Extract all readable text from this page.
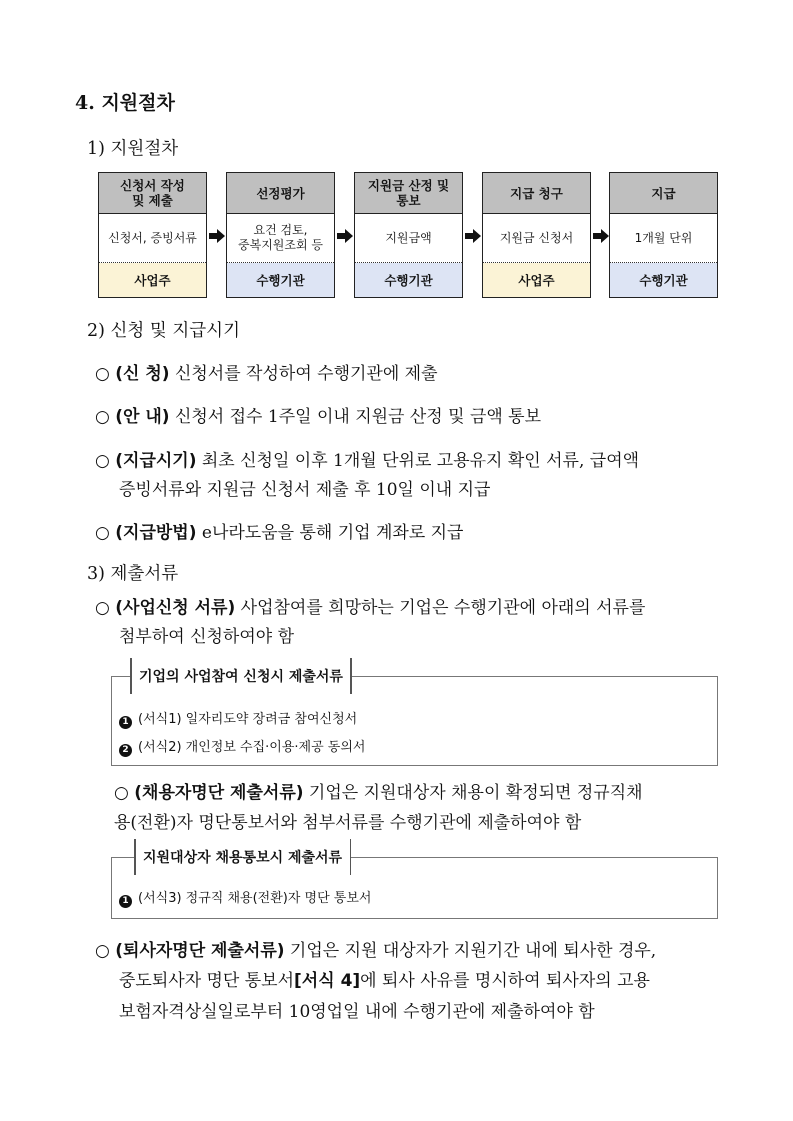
4. 지원절차
1) 지원절차
신청서 작성
및 제출
신청서, 증빙서류
사업주
선정평가
요건 검토,
중복지원조회 등
수행기관
지원금 산정 및
통보
지원금액
수행기관
지급 청구
지원금 신청서
사업주
지급
1개월 단위
수행기관
2) 신청 및 지급시기
○ (신 청) 신청서를 작성하여 수행기관에 제출
○ (안 내) 신청서 접수 1주일 이내 지원금 산정 및 금액 통보
○ (지급시기) 최초 신청일 이후 1개월 단위로 고용유지 확인 서류, 급여액
증빙서류와 지원금 신청서 제출 후 10일 이내 지급
○ (지급방법) e나라도움을 통해 기업 계좌로 지급
3) 제출서류
○ (사업신청 서류) 사업참여를 희망하는 기업은 수행기관에 아래의 서류를
첨부하여 신청하여야 함
기업의 사업참여 신청시 제출서류
1 (서식1) 일자리도약 장려금 참여신청서
2 (서식2) 개인정보 수집·이용·제공 동의서
○ (채용자명단 제출서류) 기업은 지원대상자 채용이 확정되면 정규직채
용(전환)자 명단통보서와 첨부서류를 수행기관에 제출하여야 함
지원대상자 채용통보시 제출서류
1 (서식3) 정규직 채용(전환)자 명단 통보서
○ (퇴사자명단 제출서류) 기업은 지원 대상자가 지원기간 내에 퇴사한 경우,
중도퇴사자 명단 통보서[서식 4]에 퇴사 사유를 명시하여 퇴사자의 고용
보험자격상실일로부터 10영업일 내에 수행기관에 제출하여야 함
